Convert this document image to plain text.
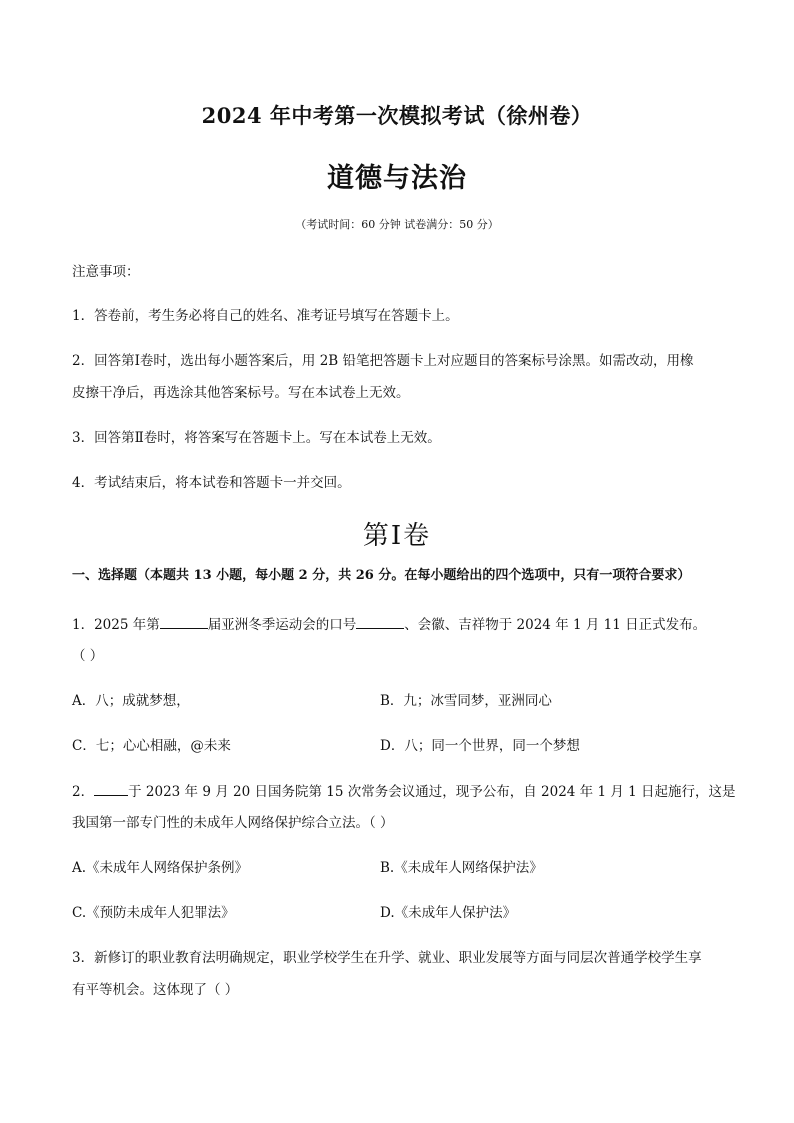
2024 年中考第一次模拟考试（徐州卷）
道德与法治
（考试时间：60 分钟 试卷满分：50 分）
注意事项：
1．答卷前，考生务必将自己的姓名、准考证号填写在答题卡上。
2．回答第Ⅰ卷时，选出每小题答案后，用 2B 铅笔把答题卡上对应题目的答案标号涂黑。如需改动，用橡
皮擦干净后，再选涂其他答案标号。写在本试卷上无效。
3．回答第Ⅱ卷时，将答案写在答题卡上。写在本试卷上无效。
4．考试结束后，将本试卷和答题卡一并交回。
第Ⅰ卷
一、选择题（本题共 13 小题，每小题 2 分，共 26 分。在每小题给出的四个选项中，只有一项符合要求）
1．2025 年第	届亚洲冬季运动会的口号	、会徽、吉祥物于 2024 年 1 月 11 日正式发布。
（ ）
A．八；成就梦想，	B．九；冰雪同梦，亚洲同心
C．七；心心相融，@未来	D．八；同一个世界，同一个梦想
2．	于 2023 年 9 月 20 日国务院第 15 次常务会议通过，现予公布，自 2024 年 1 月 1 日起施行，这是
我国第一部专门性的未成年人网络保护综合立法。（ ）
A.《未成年人网络保护条例》	B.《未成年人网络保护法》
C.《预防未成年人犯罪法》	D.《未成年人保护法》
3．新修订的职业教育法明确规定，职业学校学生在升学、就业、职业发展等方面与同层次普通学校学生享
有平等机会。这体现了（ ）
